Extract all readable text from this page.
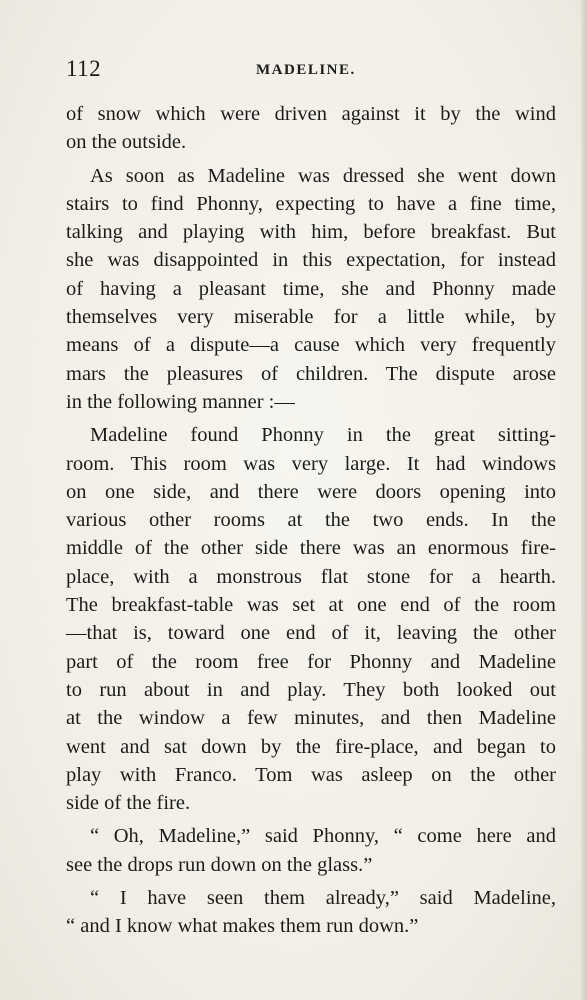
112	MADELINE.

of snow which were driven against it by the wind
on the outside.

As soon as Madeline was dressed she went down
stairs to find Phonny, expecting to have a fine time,
talking and playing with him, before breakfast. But
she was disappointed in this expectation, for instead
of having a pleasant time, she and Phonny made
themselves very miserable for a little while, by
means of a dispute—a cause which very frequently
mars the pleasures of children. The dispute arose
in the following manner :—

Madeline found Phonny in the great sitting-
room. This room was very large. It had windows
on one side, and there were doors opening into
various other rooms at the two ends. In the
middle of the other side there was an enormous fire-
place, with a monstrous flat stone for a hearth.
The breakfast-table was set at one end of the room
—that is, toward one end of it, leaving the other
part of the room free for Phonny and Madeline
to run about in and play. They both looked out
at the window a few minutes, and then Madeline
went and sat down by the fire-place, and began to
play with Franco. Tom was asleep on the other
side of the fire.

“ Oh, Madeline,” said Phonny, “ come here and
see the drops run down on the glass.”

“ I have seen them already,” said Madeline,
“ and I know what makes them run down.”
